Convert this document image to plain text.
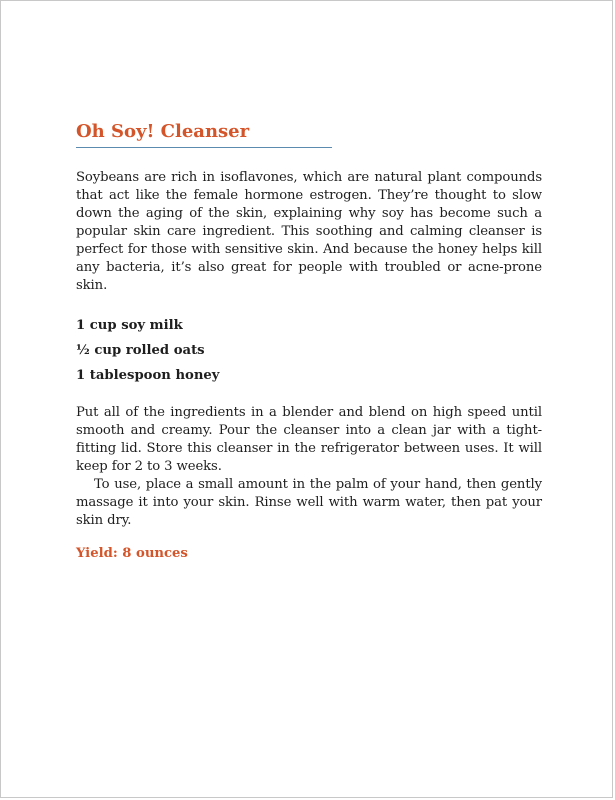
Oh Soy! Cleanser

Soybeans are rich in isoflavones, which are natural plant compounds that act like the female hormone estrogen. They’re thought to slow down the aging of the skin, explaining why soy has become such a popular skin care ingredient. This soothing and calming cleanser is perfect for those with sensitive skin. And because the honey helps kill any bacteria, it’s also great for people with troubled or acne-prone skin.

1 cup soy milk
½ cup rolled oats
1 tablespoon honey

Put all of the ingredients in a blender and blend on high speed until smooth and creamy. Pour the cleanser into a clean jar with a tight-fitting lid. Store this cleanser in the refrigerator between uses. It will keep for 2 to 3 weeks.

To use, place a small amount in the palm of your hand, then gently massage it into your skin. Rinse well with warm water, then pat your skin dry.

Yield: 8 ounces
